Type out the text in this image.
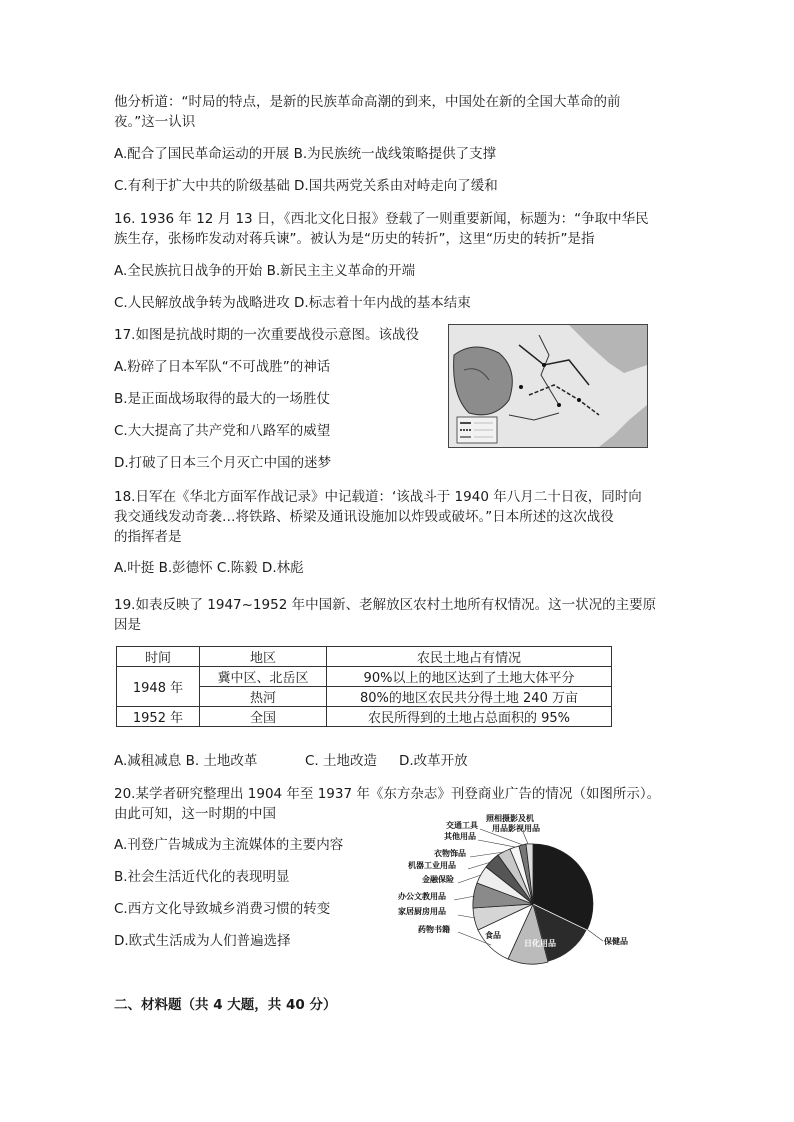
他分析道：“时局的特点，是新的民族革命高潮的到来，中国处在新的全国大革命的前
夜。”这一认识
A.配合了国民革命运动的开展 B.为民族统一战线策略提供了支撑
C.有利于扩大中共的阶级基础 D.国共两党关系由对峙走向了缓和
16. 1936 年 12 月 13 日，《西北文化日报》登载了一则重要新闻，标题为：“争取中华民
族生存，张杨昨发动对蒋兵谏”。被认为是“历史的转折”，这里“历史的转折”是指
A.全民族抗日战争的开始 B.新民主主义革命的开端
C.人民解放战争转为战略进攻 D.标志着十年内战的基本结束
17.如图是抗战时期的一次重要战役示意图。该战役
A.粉碎了日本军队“不可战胜”的神话
B.是正面战场取得的最大的一场胜仗
C.大大提高了共产党和八路军的威望
D.打破了日本三个月灭亡中国的迷梦
18.日军在《华北方面军作战记录》中记载道：‘该战斗于 1940 年八月二十日夜，同时向
我交通线发动奇袭…将铁路、桥梁及通讯设施加以炸毁或破坏。”日本所述的这次战役
的指挥者是
A.叶挺 B.彭德怀 C.陈毅 D.林彪
19.如表反映了 1947~1952 年中国新、老解放区农村土地所有权情况。这一状况的主要原
因是
时间	地区	农民土地占有情况
1948 年	冀中区、北岳区	90%以上的地区达到了土地大体平分
	热河	80%的地区农民共分得土地 240 万亩
1952 年	全国	农民所得到的土地占总面积的 95%
A.减租减息 B. 土地改革	C. 土地改造 D.改革开放
20.某学者研究整理出 1904 年至 1937 年《东方杂志》刊登商业广告的情况（如图所示）。
由此可知，这一时期的中国
A.刊登广告城成为主流媒体的主要内容
B.社会生活近代化的表现明显
C.西方文化导致城乡消费习惯的转变
D.欧式生活成为人们普遍选择
照相摄影及机
用品影视用品
交通工具
其他用品
衣物饰品
机器工业用品
金融保险
办公文教用品
家居厨房用品
药物书籍
食品
日化用品	保健品
二、材料题（共 4 大题，共 40 分）
